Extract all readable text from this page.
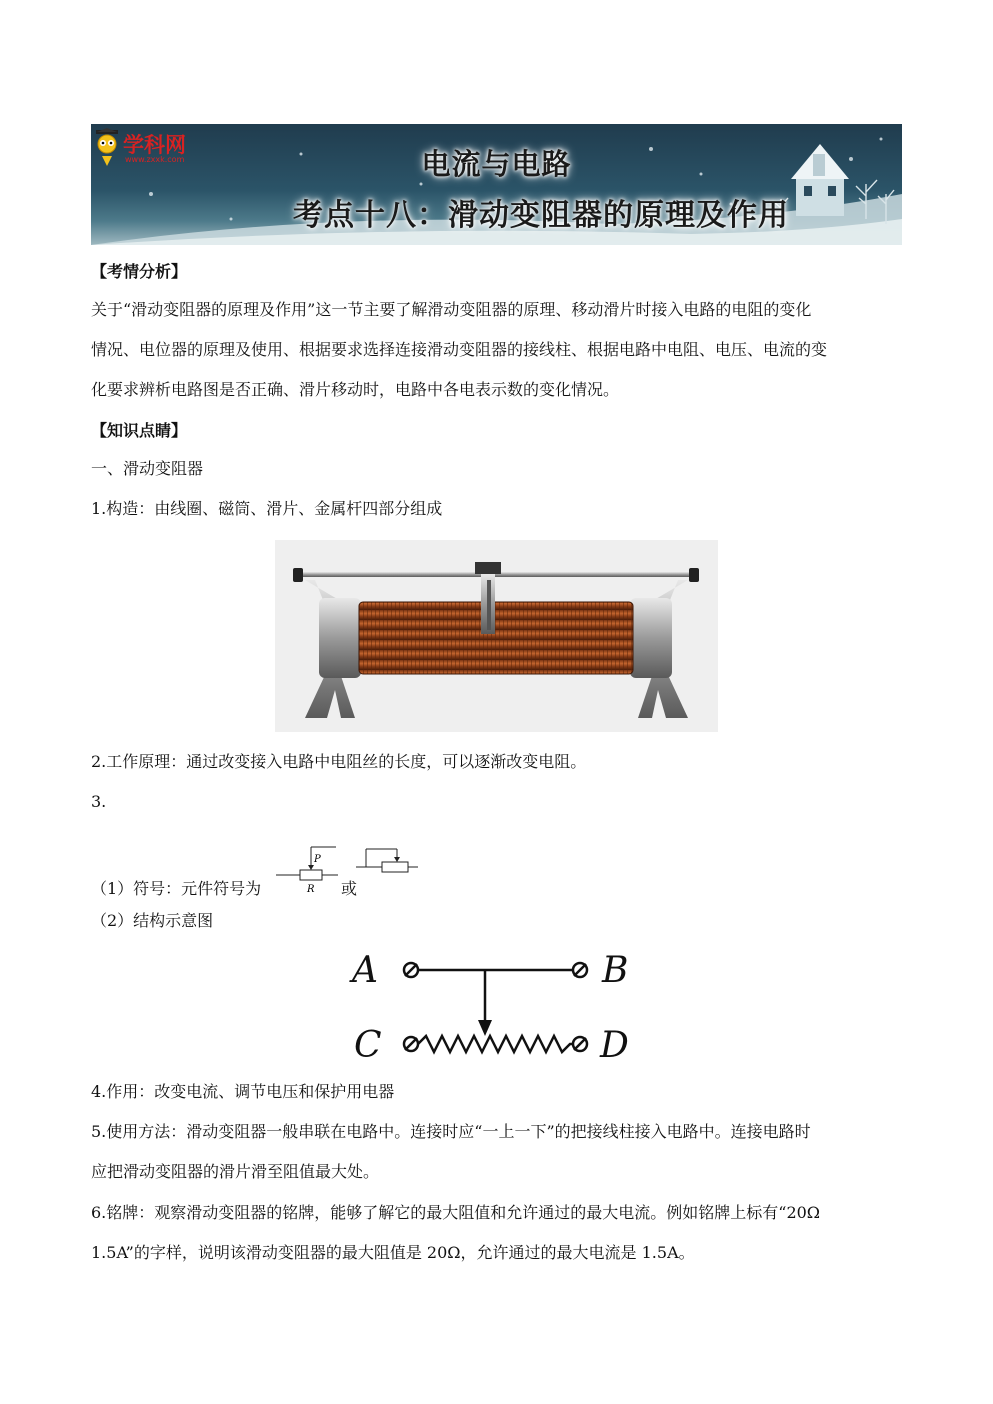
学科网
www.zxxk.com	电流与电路
考点十八：滑动变阻器的原理及作用
【考情分析】
关于“滑动变阻器的原理及作用”这一节主要了解滑动变阻器的原理、移动滑片时接入电路的电阻的变化
情况、电位器的原理及使用、根据要求选择连接滑动变阻器的接线柱、根据电路中电阻、电压、电流的变
化要求辨析电路图是否正确、滑片移动时，电路中各电表示数的变化情况。
【知识点睛】
一、滑动变阻器
1.构造：由线圈、磁筒、滑片、金属杆四部分组成
2.工作原理：通过改变接入电路中电阻丝的长度，可以逐渐改变电阻。
3.
（1）符号：元件符号为
P
R 或
（2）结构示意图
A	B
C	D
4.作用：改变电流、调节电压和保护用电器
5.使用方法：滑动变阻器一般串联在电路中。连接时应“一上一下”的把接线柱接入电路中。连接电路时
应把滑动变阻器的滑片滑至阻值最大处。
6.铭牌：观察滑动变阻器的铭牌，能够了解它的最大阻值和允许通过的最大电流。例如铭牌上标有“20Ω
1.5A”的字样，说明该滑动变阻器的最大阻值是 20Ω，允许通过的最大电流是 1.5A。
